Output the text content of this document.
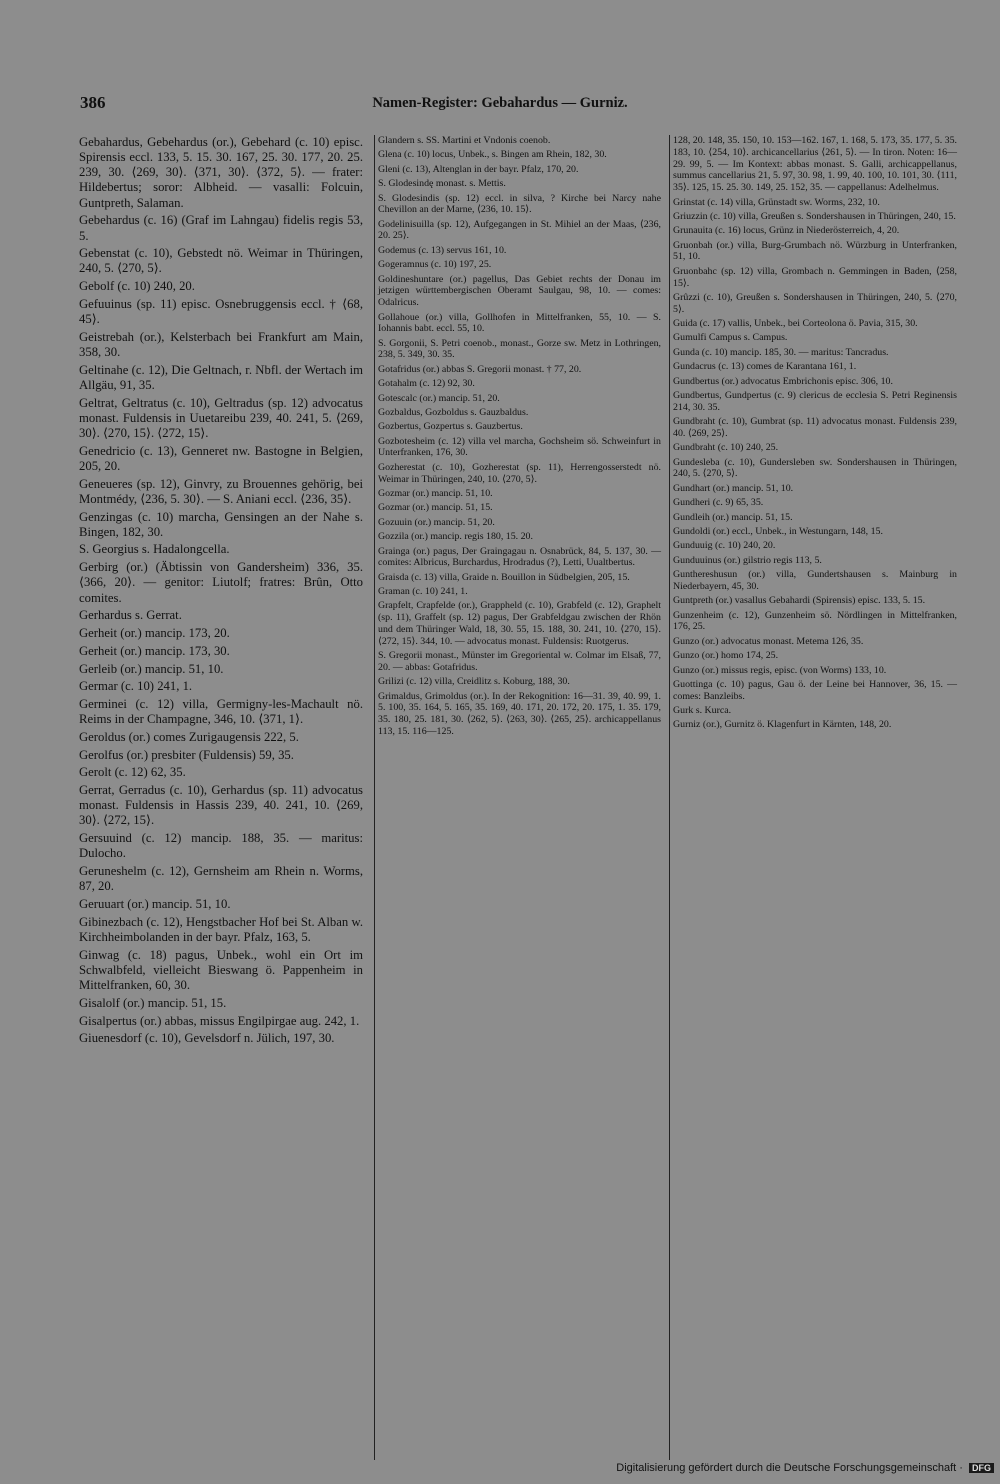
386	Namen-Register: Gebahardus — Gurniz.
Gebahardus, Gebehardus (or.), Gebehard (c. 10) episc. Spirensis eccl. 133, 5. 15. 30. 167, 25. 30. 177, 20. 25. 239, 30. ⟨269, 30⟩. ⟨371, 30⟩. ⟨372, 5⟩. — frater: Hildebertus; soror: Albheid. — vasalli: Folcuin, Guntpreth, Salaman.
Gebehardus (c. 16) (Graf im Lahngau) fidelis regis 53, 5.
Gebenstat (c. 10), Gebstedt nö. Weimar in Thüringen, 240, 5. ⟨270, 5⟩.
Gebolf (c. 10) 240, 20.
Gefuuinus (sp. 11) episc. Osnebruggensis eccl. † ⟨68, 45⟩.
Geistrebah (or.), Kelsterbach bei Frankfurt am Main, 358, 30.
Geltinahe (c. 12), Die Geltnach, r. Nbfl. der Wertach im Allgäu, 91, 35.
Geltrat, Geltratus (c. 10), Geltradus (sp. 12) advocatus monast. Fuldensis in Uuetareibu 239, 40. 241, 5. ⟨269, 30⟩. ⟨270, 15⟩. ⟨272, 15⟩.
Genedricio (c. 13), Genneret nw. Bastogne in Belgien, 205, 20.
Geneueres (sp. 12), Ginvry, zu Brouennes gehörig, bei Montmédy, ⟨236, 5. 30⟩. — S. Aniani eccl. ⟨236, 35⟩.
Genzingas (c. 10) marcha, Gensingen an der Nahe s. Bingen, 182, 30.
S. Georgius s. Hadalongcella.
Gerbirg (or.) (Äbtissin von Gandersheim) 336, 35. ⟨366, 20⟩. — genitor: Liutolf; fratres: Brûn, Otto comites.
Gerhardus s. Gerrat.
Gerheit (or.) mancip. 173, 20.
Gerheit (or.) mancip. 173, 30.
Gerleib (or.) mancip. 51, 10.
Germar (c. 10) 241, 1.
Germinei (c. 12) villa, Germigny-les-Machault nö. Reims in der Champagne, 346, 10. ⟨371, 1⟩.
Geroldus (or.) comes Zurigaugensis 222, 5.
Gerolfus (or.) presbiter (Fuldensis) 59, 35.
Gerolt (c. 12) 62, 35.
Gerrat, Gerradus (c. 10), Gerhardus (sp. 11) advocatus monast. Fuldensis in Hassis 239, 40. 241, 10. ⟨269, 30⟩. ⟨272, 15⟩.
Gersuuind (c. 12) mancip. 188, 35. — maritus: Dulocho.
Geruneshelm (c. 12), Gernsheim am Rhein n. Worms, 87, 20.
Geruuart (or.) mancip. 51, 10.
Gibinezbach (c. 12), Hengstbacher Hof bei St. Alban w. Kirchheimbolanden in der bayr. Pfalz, 163, 5.
Ginwag (c. 18) pagus, Unbek., wohl ein Ort im Schwalbfeld, vielleicht Bieswang ö. Pappenheim in Mittelfranken, 60, 30.
Gisalolf (or.) mancip. 51, 15.
Gisalpertus (or.) abbas, missus Engilpirgae aug. 242, 1.
Giuenesdorf (c. 10), Gevelsdorf n. Jülich, 197, 30.
Glandern s. SS. Martini et Vndonis coenob.
Glena (c. 10) locus, Unbek., s. Bingen am Rhein, 182, 30.
Gleni (c. 13), Altenglan in der bayr. Pfalz, 170, 20.
S. Glodesindę monast. s. Mettis.
S. Glodesindis (sp. 12) eccl. in silva, ? Kirche bei Narcy nahe Chevillon an der Marne, ⟨236, 10. 15⟩.
Godelinisuilla (sp. 12), Aufgegangen in St. Mihiel an der Maas, ⟨236, 20. 25⟩.
Godemus (c. 13) servus 161, 10.
Gogeramnus (c. 10) 197, 25.
Goldineshuntare (or.) pagellus, Das Gebiet rechts der Donau im jetzigen württembergischen Oberamt Saulgau, 98, 10. — comes: Odalricus.
Gollahoue (or.) villa, Gollhofen in Mittelfranken, 55, 10. — S. Iohannis babt. eccl. 55, 10.
S. Gorgonii, S. Petri coenob., monast., Gorze sw. Metz in Lothringen, 238, 5. 349, 30. 35.
Gotafridus (or.) abbas S. Gregorii monast. † 77, 20.
Gotahalm (c. 12) 92, 30.
Gotescalc (or.) mancip. 51, 20.
Gozbaldus, Gozboldus s. Gauzbaldus.
Gozbertus, Gozpertus s. Gauzbertus.
Gozbotesheim (c. 12) villa vel marcha, Gochsheim sö. Schweinfurt in Unterfranken, 176, 30.
Gozherestat (c. 10), Gozherestat (sp. 11), Herrengosserstedt nö. Weimar in Thüringen, 240, 10. ⟨270, 5⟩.
Gozmar (or.) mancip. 51, 10.
Gozmar (or.) mancip. 51, 15.
Gozuuin (or.) mancip. 51, 20.
Gozzila (or.) mancip. regis 180, 15. 20.
Grainga (or.) pagus, Der Graingagau n. Osnabrück, 84, 5. 137, 30. — comites: Albricus, Burchardus, Hrodradus (?), Letti, Uualtbertus.
Graisda (c. 13) villa, Graide n. Bouillon in Südbelgien, 205, 15.
Graman (c. 10) 241, 1.
Grapfelt, Crapfelde (or.), Grappheld (c. 10), Grabfeld (c. 12), Graphelt (sp. 11), Graffelt (sp. 12) pagus, Der Grabfeldgau zwischen der Rhön und dem Thüringer Wald, 18, 30. 55, 15. 188, 30. 241, 10. ⟨270, 15⟩. ⟨272, 15⟩. 344, 10. — advocatus monast. Fuldensis: Ruotgerus.
S. Gregorii monast., Münster im Gregoriental w. Colmar im Elsaß, 77, 20. — abbas: Gotafridus.
Grilizi (c. 12) villa, Creidlitz s. Koburg, 188, 30.
Grimaldus, Grimoldus (or.). In der Rekognition: 16—31. 39, 40. 99, 1. 5. 100, 35. 164, 5. 165, 35. 169, 40. 171, 20. 172, 20. 175, 1. 35. 179, 35. 180, 25. 181, 30. ⟨262, 5⟩. ⟨263, 30⟩. ⟨265, 25⟩. archicappellanus 113, 15. 116—125.
128, 20. 148, 35. 150, 10. 153—162. 167, 1. 168, 5. 173, 35. 177, 5. 35. 183, 10. ⟨254, 10⟩. archicancellarius ⟨261, 5⟩. — In tiron. Noten: 16—29. 99, 5. — Im Kontext: abbas monast. S. Galli, archicappellanus, summus cancellarius 21, 5. 97, 30. 98, 1. 99, 40. 100, 10. 101, 30. ⟨111, 35⟩. 125, 15. 25. 30. 149, 25. 152, 35. — cappellanus: Adelhelmus.
Grinstat (c. 14) villa, Grünstadt sw. Worms, 232, 10.
Griuzzin (c. 10) villa, Greußen s. Sondershausen in Thüringen, 240, 15.
Grunauita (c. 16) locus, Grünz in Niederösterreich, 4, 20.
Gruonbah (or.) villa, Burg-Grumbach nö. Würzburg in Unterfranken, 51, 10.
Gruonbahc (sp. 12) villa, Grombach n. Gemmingen in Baden, ⟨258, 15⟩.
Grûzzi (c. 10), Greußen s. Sondershausen in Thüringen, 240, 5. ⟨270, 5⟩.
Guida (c. 17) vallis, Unbek., bei Corteolona ö. Pavia, 315, 30.
Gumulfi Campus s. Campus.
Gunda (c. 10) mancip. 185, 30. — maritus: Tancradus.
Gundacrus (c. 13) comes de Karantana 161, 1.
Gundbertus (or.) advocatus Embrichonis episc. 306, 10.
Gundbertus, Gundpertus (c. 9) clericus de ecclesia S. Petri Reginensis 214, 30. 35.
Gundbraht (c. 10), Gumbrat (sp. 11) advocatus monast. Fuldensis 239, 40. ⟨269, 25⟩.
Gundbraht (c. 10) 240, 25.
Gundesleba (c. 10), Gundersleben sw. Sondershausen in Thüringen, 240, 5. ⟨270, 5⟩.
Gundhart (or.) mancip. 51, 10.
Gundheri (c. 9) 65, 35.
Gundleih (or.) mancip. 51, 15.
Gundoldi (or.) eccl., Unbek., in Westungarn, 148, 15.
Gunduuig (c. 10) 240, 20.
Gunduuinus (or.) gilstrio regis 113, 5.
Gunthereshusun (or.) villa, Gundertshausen s. Mainburg in Niederbayern, 45, 30.
Guntpreth (or.) vasallus Gebahardi (Spirensis) episc. 133, 5. 15.
Gunzenheim (c. 12), Gunzenheim sö. Nördlingen in Mittelfranken, 176, 25.
Gunzo (or.) advocatus monast. Metema 126, 35.
Gunzo (or.) homo 174, 25.
Gunzo (or.) missus regis, episc. (von Worms) 133, 10.
Guottinga (c. 10) pagus, Gau ö. der Leine bei Hannover, 36, 15. — comes: Banzleibs.
Gurk s. Kurca.
Gurniz (or.), Gurnitz ö. Klagenfurt in Kärnten, 148, 20.
Digitalisierung gefördert durch die Deutsche Forschungsgemeinschaft · DFG
